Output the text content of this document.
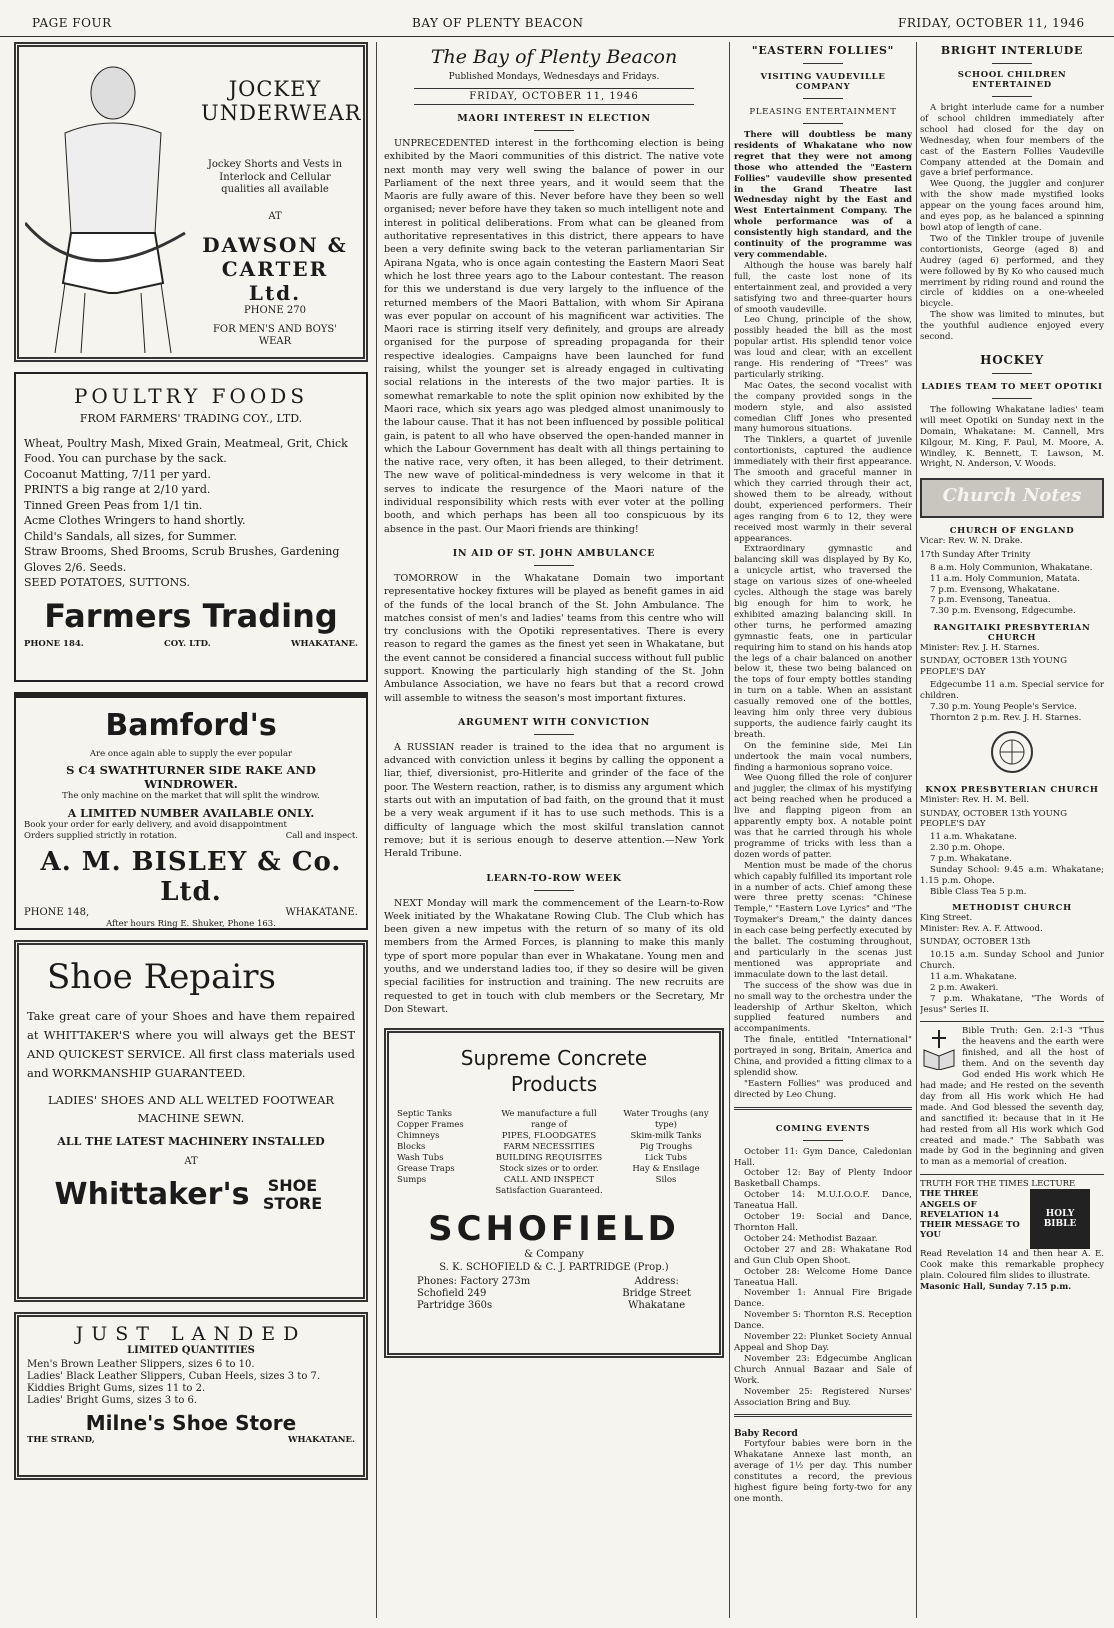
PAGE FOUR	BAY OF PLENTY BEACON	FRIDAY, OCTOBER 11, 1946
JOCKEY UNDERWEAR
Jockey Shorts and Vests in Interlock and Cellular qualities all available
AT
DAWSON & CARTER Ltd.
PHONE 270
FOR MEN'S AND BOYS' WEAR
POULTRY FOODS
FROM FARMERS' TRADING COY., LTD.
Wheat, Poultry Mash, Mixed Grain, Meatmeal, Grit, Chick Food. You can purchase by the sack.
Cocoanut Matting, 7/11 per yard.
PRINTS a big range at 2/10 yard.
Tinned Green Peas from 1/1 tin.
Acme Clothes Wringers to hand shortly.
Child's Sandals, all sizes, for Summer.
Straw Brooms, Shed Brooms, Scrub Brushes, Gardening Gloves 2/6. Seeds.
SEED POTATOES, SUTTONS.
Farmers Trading
PHONE 184.	COY. LTD.	WHAKATANE.
Bamford's
Are once again able to supply the ever popular
S C4 SWATHTURNER SIDE RAKE AND WINDROWER.
The only machine on the market that will split the windrow.
A LIMITED NUMBER AVAILABLE ONLY.
Book your order for early delivery, and avoid disappointment
Orders supplied strictly in rotation.	Call and inspect.
A. M. BISLEY & Co. Ltd.
PHONE 148,	WHAKATANE.
After hours Ring E. Shuker, Phone 163.
Shoe Repairs
Take great care of your Shoes and have them repaired at WHITTAKER'S where you will always get the BEST AND QUICKEST SERVICE. All first class materials used and WORKMANSHIP GUARANTEED.
LADIES' SHOES AND ALL WELTED FOOTWEAR MACHINE SEWN.
ALL THE LATEST MACHINERY INSTALLED
AT
Whittaker's	SHOE STORE
JUST LANDED
LIMITED QUANTITIES
Men's Brown Leather Slippers, sizes 6 to 10.
Ladies' Black Leather Slippers, Cuban Heels, sizes 3 to 7.
Kiddies Bright Gums, sizes 11 to 2.
Ladies' Bright Gums, sizes 3 to 6.
Milne's Shoe Store
THE STRAND,	WHAKATANE.
The Bay of Plenty Beacon
Published Mondays, Wednesdays and Fridays.
FRIDAY, OCTOBER 11, 1946
MAORI INTEREST IN ELECTION

UNPRECEDENTED interest in the forthcoming election is being exhibited by the Maori communities of this district. The native vote next month may very well swing the balance of power in our Parliament of the next three years, and it would seem that the Maoris are fully aware of this. Never before have they been so well organised; never before have they taken so much intelligent note and interest in political deliberations. From what can be gleaned from authoritative representatives in this district, there appears to have been a very definite swing back to the veteran parliamentarian Sir Apirana Ngata, who is once again contesting the Eastern Maori Seat which he lost three years ago to the Labour contestant. The reason for this we understand is due very largely to the influence of the returned members of the Maori Battalion, with whom Sir Apirana was ever popular on account of his magnificent war activities. The Maori race is stirring itself very definitely, and groups are already organised for the purpose of spreading propaganda for their respective idealogies. Campaigns have been launched for fund raising, whilst the younger set is already engaged in cultivating social relations in the interests of the two major parties. It is somewhat remarkable to note the split opinion now exhibited by the Maori race, which six years ago was pledged almost unanimously to the labour cause. That it has not been influenced by possible political gain, is patent to all who have observed the open-handed manner in which the Labour Government has dealt with all things pertaining to the native race, very often, it has been alleged, to their detriment. The new wave of political-mindedness is very welcome in that it serves to indicate the resurgence of the Maori nature of the individual responsibility which rests with ever voter at the polling booth, and which perhaps has been all too conspicuous by its absence in the past. Our Maori friends are thinking!

IN AID OF ST. JOHN AMBULANCE

TOMORROW in the Whakatane Domain two important representative hockey fixtures will be played as benefit games in aid of the funds of the local branch of the St. John Ambulance. The matches consist of men's and ladies' teams from this centre who will try conclusions with the Opotiki representatives. There is every reason to regard the games as the finest yet seen in Whakatane, but the event cannot be considered a financial success without full public support. Knowing the particularly high standing of the St. John Ambulance Association, we have no fears but that a record crowd will assemble to witness the season's most important fixtures.

ARGUMENT WITH CONVICTION

A RUSSIAN reader is trained to the idea that no argument is advanced with conviction unless it begins by calling the opponent a liar, thief, diversionist, pro-Hitlerite and grinder of the face of the poor. The Western reaction, rather, is to dismiss any argument which starts out with an imputation of bad faith, on the ground that it must be a very weak argument if it has to use such methods. This is a difficulty of language which the most skilful translation cannot remove; but it is serious enough to deserve attention.—New York Herald Tribune.

LEARN-TO-ROW WEEK

NEXT Monday will mark the commencement of the Learn-to-Row Week initiated by the Whakatane Rowing Club. The Club which has been given a new impetus with the return of so many of its old members from the Armed Forces, is planning to make this manly type of sport more popular than ever in Whakatane. Young men and youths, and we understand ladies too, if they so desire will be given special facilities for instruction and training. The new recruits are requested to get in touch with club members or the Secretary, Mr Don Stewart.

Supreme Concrete Products
Septic Tanks
Copper Frames
Chimneys
Blocks
Wash Tubs
Grease Traps
Sumps
We manufacture a full range of
PIPES, FLOODGATES
FARM NECESSITIES
BUILDING REQUISITES
Stock sizes or to order.
CALL AND INSPECT
Satisfaction Guaranteed.
Water Troughs (any type)
Skim-milk Tanks
Pig Troughs
Lick Tubs
Hay & Ensilage Silos
SCHOFIELD
& Company
S. K. SCHOFIELD & C. J. PARTRIDGE (Prop.)
Phones: Factory 273m
Schofield 249
Partridge 360s
Address:
Bridge Street
Whakatane
"EASTERN FOLLIES"
VISITING VAUDEVILLE COMPANY
PLEASING ENTERTAINMENT

There will doubtless be many residents of Whakatane who now regret that they were not among those who attended the "Eastern Follies" vaudeville show presented in the Grand Theatre last Wednesday night by the East and West Entertainment Company. The whole performance was of a consistently high standard, and the continuity of the programme was very commendable.

Although the house was barely half full, the caste lost none of its entertainment zeal, and provided a very satisfying two and three-quarter hours of smooth vaudeville.

Leo Chung, principle of the show, possibly headed the bill as the most popular artist. His splendid tenor voice was loud and clear, with an excellent range. His rendering of "Trees" was particularly striking.

Mac Oates, the second vocalist with the company provided songs in the modern style, and also assisted comedian Cliff Jones who presented many humorous situations.

The Tinklers, a quartet of juvenile contortionists, captured the audience immediately with their first appearance. The smooth and graceful manner in which they carried through their act, showed them to be already, without doubt, experienced performers. Their ages ranging from 6 to 12, they were received most warmly in their several appearances.

Extraordinary gymnastic and balancing skill was displayed by By Ko, a unicycle artist, who traversed the stage on various sizes of one-wheeled cycles. Although the stage was barely big enough for him to work, he exhibited amazing balancing skill. In other turns, he performed amazing gymnastic feats, one in particular requiring him to stand on his hands atop the legs of a chair balanced on another below it, these two being balanced on the tops of four empty bottles standing in turn on a table. When an assistant casually removed one of the bottles, leaving him only three very dubious supports, the audience fairly caught its breath.

On the feminine side, Mei Lin undertook the main vocal numbers, finding a harmonious soprano voice.

Wee Quong filled the role of conjurer and juggler, the climax of his mystifying act being reached when he produced a live and flapping pigeon from an apparently empty box. A notable point was that he carried through his whole programme of tricks with less than a dozen words of patter.

Mention must be made of the chorus which capably fulfilled its important role in a number of acts. Chief among these were three pretty scenas: "Chinese Temple," "Eastern Love Lyrics" and "The Toymaker's Dream," the dainty dances in each case being perfectly executed by the ballet. The costuming throughout, and particularly in the scenas just mentioned was appropriate and immaculate down to the last detail.

The success of the show was due in no small way to the orchestra under the leadership of Arthur Skelton, which supplied featured numbers and accompaniments.

The finale, entitled "International" portrayed in song, Britain, America and China, and provided a fitting climax to a splendid show.

"Eastern Follies" was produced and directed by Leo Chung.

COMING EVENTS

October 11: Gym Dance, Caledonian Hall.

October 12: Bay of Plenty Indoor Basketball Champs.

October 14: M.U.I.O.O.F. Dance, Taneatua Hall.

October 19: Social and Dance, Thornton Hall.

October 24: Methodist Bazaar.

October 27 and 28: Whakatane Rod and Gun Club Open Shoot.

October 28: Welcome Home Dance Taneatua Hall.

November 1: Annual Fire Brigade Dance.

November 5: Thornton R.S. Reception Dance.

November 22: Plunket Society Annual Appeal and Shop Day.

November 23: Edgecumbe Anglican Church Annual Bazaar and Sale of Work.

November 25: Registered Nurses' Association Bring and Buy.

Baby Record

Fortyfour babies were born in the Whakatane Annexe last month, an average of 1½ per day. This number constitutes a record, the previous highest figure being forty-two for any one month.

BRIGHT INTERLUDE
SCHOOL CHILDREN ENTERTAINED

A bright interlude came for a number of school children immediately after school had closed for the day on Wednesday, when four members of the cast of the Eastern Follies Vaudeville Company attended at the Domain and gave a brief performance.

Wee Quong, the juggler and conjurer with the show made mystified looks appear on the young faces around him, and eyes pop, as he balanced a spinning bowl atop of length of cane.

Two of the Tinkler troupe of juvenile contortionists, George (aged 8) and Audrey (aged 6) performed, and they were followed by By Ko who caused much merriment by riding round and round the circle of kiddies on a one-wheeled bicycle.

The show was limited to minutes, but the youthful audience enjoyed every second.

HOCKEY
LADIES TEAM TO MEET OPOTIKI

The following Whakatane ladies' team will meet Opotiki on Sunday next in the Domain, Whakatane: M. Cannell, Mrs Kilgour, M. King, F. Paul, M. Moore, A. Windley, K. Bennett, T. Lawson, M. Wright, N. Anderson, V. Woods.

Church Notes
CHURCH OF ENGLAND
Vicar: Rev. W. N. Drake.
17th Sunday After Trinity

8 a.m. Holy Communion, Whakatane.

11 a.m. Holy Communion, Matata.

7 p.m. Evensong, Whakatane.

7 p.m. Evensong, Taneatua.

7.30 p.m. Evensong, Edgecumbe.

RANGITAIKI PRESBYTERIAN CHURCH
Minister: Rev. J. H. Starnes.
SUNDAY, OCTOBER 13th YOUNG PEOPLE'S DAY

Edgecumbe 11 a.m. Special service for children.

7.30 p.m. Young People's Service.

Thornton 2 p.m. Rev. J. H. Starnes.

KNOX PRESBYTERIAN CHURCH
Minister: Rev. H. M. Bell.
SUNDAY, OCTOBER 13th YOUNG PEOPLE'S DAY

11 a.m. Whakatane.

2.30 p.m. Ohope.

7 p.m. Whakatane.

Sunday School: 9.45 a.m. Whakatane; 1.15 p.m. Ohope.

Bible Class Tea 5 p.m.

METHODIST CHURCH
King Street.
Minister: Rev. A. F. Attwood.
SUNDAY, OCTOBER 13th

10.15 a.m. Sunday School and Junior Church.

11 a.m. Whakatane.

2 p.m. Awakeri.

7 p.m. Whakatane, "The Words of Jesus" Series II.

Bible Truth: Gen. 2:1-3 "Thus the heavens and the earth were finished, and all the host of them. And on the seventh day God ended His work which He had made; and He rested on the seventh day from all His work which He had made. And God blessed the seventh day, and sanctified it: because that in it He had rested from all His work which God created and made." The Sabbath was made by God in the beginning and given to man as a memorial of creation.

TRUTH FOR THE TIMES LECTURE
THE THREE ANGELS OF REVELATION 14
THEIR MESSAGE TO YOU
HOLY BIBLE

Read Revelation 14 and then hear A. E. Cook make this remarkable prophecy plain. Coloured film slides to illustrate.

Masonic Hall, Sunday 7.15 p.m.
